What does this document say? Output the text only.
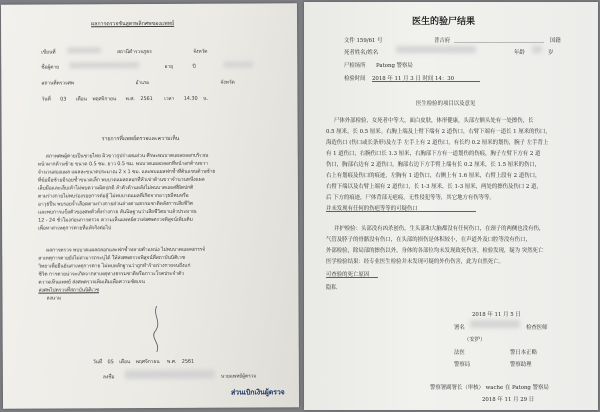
ผลการตรวจชันสูตรพลิกศพของแพทย์
เขียนที่	สถานีตำรวจภูธร	จังหวัด
ชื่อผู้ตาย	อายุ	ปี
สถานที่ตรวจศพ	อำเภอ	จังหวัด
วันที่ 03 เดือน พฤศจิกายน พ.ศ. 2561 เวลา 14.30 น.
รายการที่แพทย์ตรวจและความเห็น
สภาพศพผู้ตายเป็นชายไทย ผิวขาวรูปร่างสมส่วน ศีรษะพบบาดแผลถลอกบริเวณ
หน้าผากด้านซ้าย ขนาด 0.5 ซม. ยาว 0.5 ซม. พบบาดแผลถลอกที่หน้าอกด้านขวา
จำนวนสองแผล แผลละขนาดประมาณ 2 x 1 ซม. และพบแผลฟกช้ำที่ต้นแขนด้านซ้าย
ที่ข้อมือซ้ายมีรอยช้ำขนาดเล็ก พบบาดแผลถลอกที่หัวเข่าด้านขวาจำนวนหนึ่งแผล
เล็บมือและเล็บเท้าไม่พบความผิดปกติ ลำตัวด้านหลังไม่พบบาดแผลที่ผิดปกติ
ตามร่างกายไม่พบร่องรอยการต่อสู้ ไม่พบบาดแผลที่เกิดจากอาวุธมีคมหรือ
อาวุธปืน พบรอยจ้ำเลือดตามร่างกายส่วนล่างตามธรรมชาติหลังการเสียชีวิต
และพบการแข็งตัวของศพทั่วทั้งร่างกาย สันนิษฐานว่าเสียชีวิตมาแล้วประมาณ
12 - 24 ชั่วโมงก่อนการตรวจ ความเห็นแพทย์ควรส่งศพตรวจพิสูจน์เพิ่มเติม
เพื่อหาสาเหตุการตายที่แท้จริงต่อไป
ผลการตรวจ พบบาดแผลถลอกและฟกช้ำหลายตำแหน่ง ไม่พบบาดแผลฉกรรจ์
สาเหตุการตายยังไม่สามารถระบุได้ ให้ส่งศพตรวจพิสูจน์ที่สถาบันนิติเวช
วิทยาเพื่อยืนยันสาเหตุการตาย ไม่พบหลักฐานว่าถูกทำร้ายร่างกายจนถึงแก่
ชีวิต การตายน่าจะเกิดจากสาเหตุทางธรรมชาติหรือภาวะโรคประจำตัว
ความเห็นแพทย์ ส่งศพตรวจเพิ่มเติมเพื่อความชัดเจน
ส่งศพไปตรวจที่สถาบันนิติเวช
ลงนาม
วันที่ 05 เดือน พฤศจิกายน พ.ศ. 2561
ลงชื่อ	นายแพทย์ผู้ตรวจ
ส่วนเบิกเงินผู้ตรวจ
医生的验尸结果
文件 159/61 号	普吉府	国籍
死者姓名/姓名	年龄	岁
尸检场所 Patong 警察局
检验时间 2018 年 11 月 3 日 时间 14：30
医生检验的项目以及意见
尸体外部检验，女死者中等大，面白皮肤，体形健康，头部左额头处有一处擦伤，长
0.5 厘米，长 0.5 厘米。右胸上端及上臂下端有 2 道伤口，右臂下端有一道长 1 厘米的伤口，
海造伤口 (伤口或长条形)及左手 左手上有 2 道伤口，有长约 0.2 厘米的划伤，腕子 左手背上
有 1 道伤口，右腕伤口长 1.3 厘米，右胸部下方有一道划伤的伤痕，胸子左臂下方有 2 道
伤口，胸部右边有 2 道伤口，胸部右边下方手臂上端有长 0.2 厘米，长 1.5 厘米的伤口，
右上有划痕及伤口的痕迹，左胸有 1 道伤口，右侧上有 1.6 厘米，右臂上段有 2 道伤口，
右臂下端以及右臂上端有 2 道伤口，长 1-3 厘米，长 1-3 厘米，两处的擦伤及伤口 2 道，
后 下方的痕迹，尸体背部无疤痕，无性侵犯等等，其它地方有伤等等。
并未发现有任何的伤疤等等的可疑伤口
并护检验：头部没有凶杀创伤，生头部和大脑都没有任何伤口，在颈子的两侧也没有伤，
气管及脖子的骨骼没有伤口，在头部的损伤是体积较小，在声道外及口腔等没有伤口，
外部检验，除局部的擦伤以外，身体的各部位均未发现致死伤害，检验发现，疑为 突然死亡
医学检验结果：经专业医生检验并未发现可疑的外伤伤害，此为自然死亡。
可查验的死亡原因
隐私
2018 年 11 月 5 日
署名	检查医师
（安护）
法医	警日本正略
警察助理
警察局
警察署副署长（审核） wache 在 Patong 警察局
2018 年 11 月 29 日
